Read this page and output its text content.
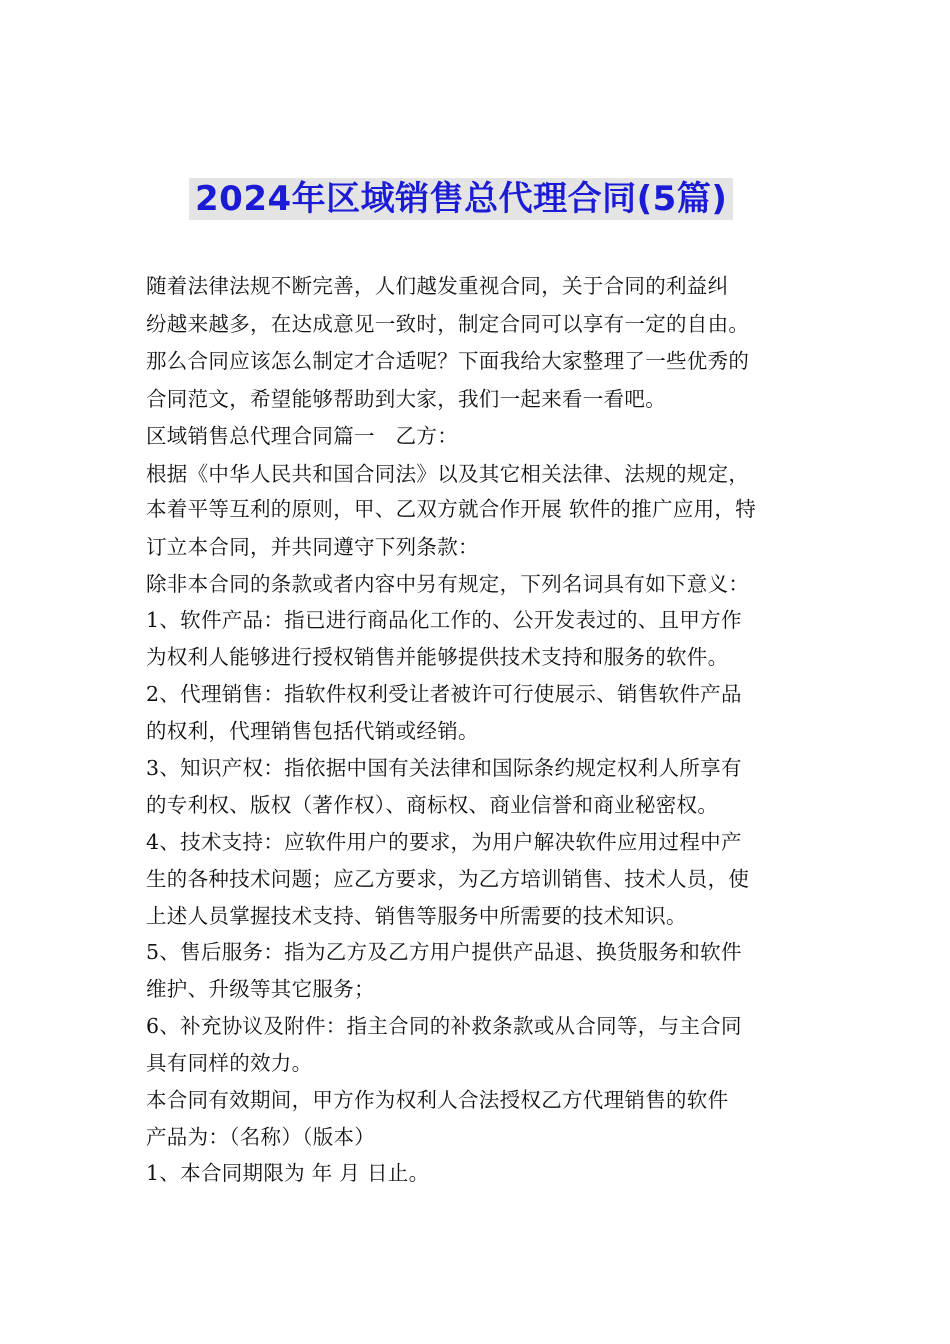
2024年区域销售总代理合同(5篇)
随着法律法规不断完善，人们越发重视合同，关于合同的利益纠
纷越来越多，在达成意见一致时，制定合同可以享有一定的自由。
那么合同应该怎么制定才合适呢？下面我给大家整理了一些优秀的
合同范文，希望能够帮助到大家，我们一起来看一看吧。
区域销售总代理合同篇一　乙方：
根据《中华人民共和国合同法》以及其它相关法律、法规的规定，
本着平等互利的原则，甲、乙双方就合作开展 软件的推广应用，特
订立本合同，并共同遵守下列条款：
除非本合同的条款或者内容中另有规定，下列名词具有如下意义：
1、软件产品：指已进行商品化工作的、公开发表过的、且甲方作
为权利人能够进行授权销售并能够提供技术支持和服务的软件。
2、代理销售：指软件权利受让者被许可行使展示、销售软件产品
的权利，代理销售包括代销或经销。
3、知识产权：指依据中国有关法律和国际条约规定权利人所享有
的专利权、版权（著作权）、商标权、商业信誉和商业秘密权。
4、技术支持：应软件用户的要求，为用户解决软件应用过程中产
生的各种技术问题；应乙方要求，为乙方培训销售、技术人员，使
上述人员掌握技术支持、销售等服务中所需要的技术知识。
5、售后服务：指为乙方及乙方用户提供产品退、换货服务和软件
维护、升级等其它服务；
6、补充协议及附件：指主合同的补救条款或从合同等，与主合同
具有同样的效力。
本合同有效期间，甲方作为权利人合法授权乙方代理销售的软件
产品为：（名称）（版本）
1、本合同期限为 年 月 日止。
